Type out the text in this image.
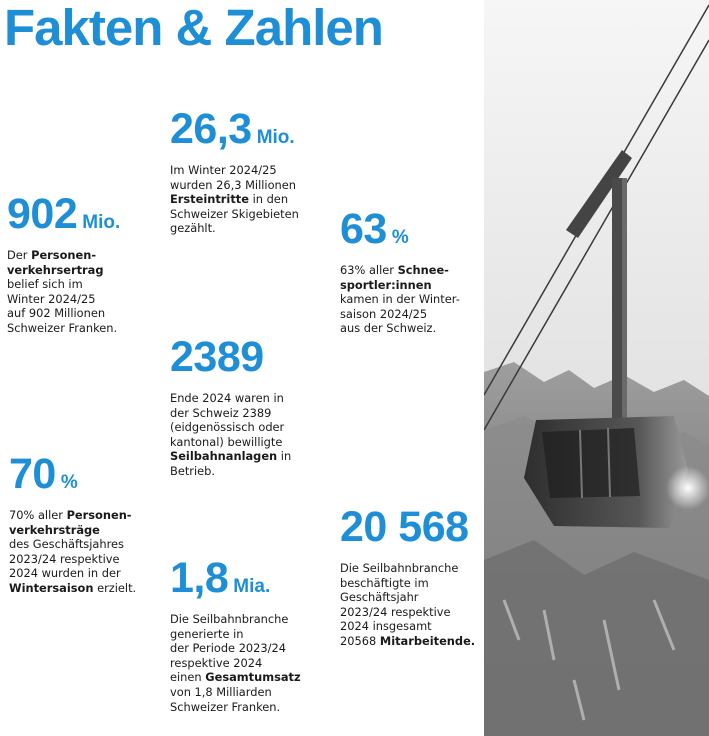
Fakten & Zahlen
902 Mio.

Der Personen-
verkehrsertrag
belief sich im
Winter 2024/25
auf 902 Millionen
Schweizer Franken.

26,3 Mio.

Im Winter 2024/25
wurden 26,3 Millionen
Ersteintritte in den
Schweizer Skigebieten
gezählt.	63 %

63% aller Schnee-
sportler:innen
kamen in der Winter-
saison 2024/25
aus der Schweiz.

2389

Ende 2024 waren in
der Schweiz 2389
(eidgenössisch oder
kantonal) bewilligte
Seilbahnanlagen in
Betrieb.

70 %

70% aller Personen-
verkehrsträge
des Geschäftsjahres
2023/24 respektive
2024 wurden in der
Wintersaison erzielt. 1,8 Mia.

Die Seilbahnbranche
generierte in
der Periode 2023/24
respektive 2024
einen Gesamtumsatz
von 1,8 Milliarden
Schweizer Franken.

20 568

Die Seilbahnbranche
beschäftigte im
Geschäftsjahr
2023/24 respektive
2024 insgesamt
20568 Mitarbeitende.
